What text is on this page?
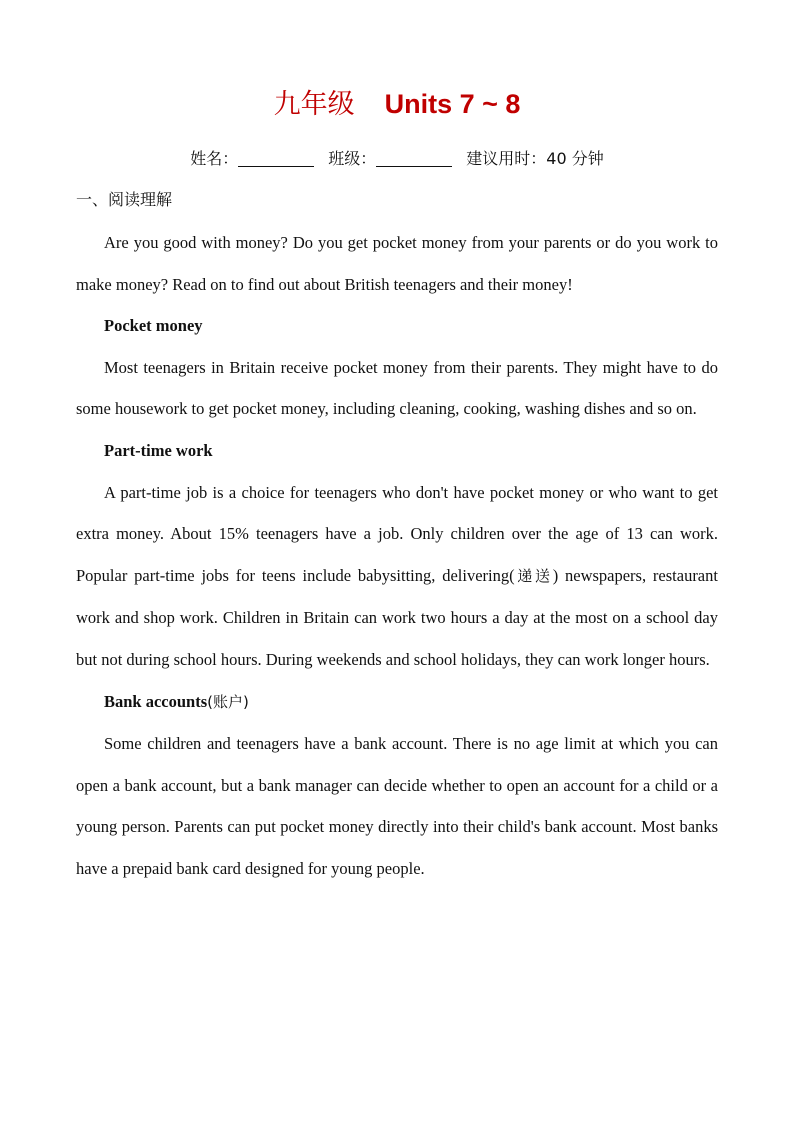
九年级 Units 7 ~ 8
姓名：	班级：	建议用时：40 分钟
一、阅读理解

Are you good with money? Do you get pocket money from your parents or do you work to make money? Read on to find out about British teenagers and their money!

Pocket money

Most teenagers in Britain receive pocket money from their parents. They might have to do some housework to get pocket money, including cleaning, cooking, washing dishes and so on.

Part-time work

A part-time job is a choice for teenagers who don't have pocket money or who want to get extra money. About 15% teenagers have a job. Only children over the age of 13 can work. Popular part-time jobs for teens include babysitting, delivering(递送) newspapers, restaurant work and shop work. Children in Britain can work two hours a day at the most on a school day but not during school hours. During weekends and school holidays, they can work longer hours.

Bank accounts(账户)

Some children and teenagers have a bank account. There is no age limit at which you can open a bank account, but a bank manager can decide whether to open an account for a child or a young person. Parents can put pocket money directly into their child's bank account. Most banks have a prepaid bank card designed for young people.
